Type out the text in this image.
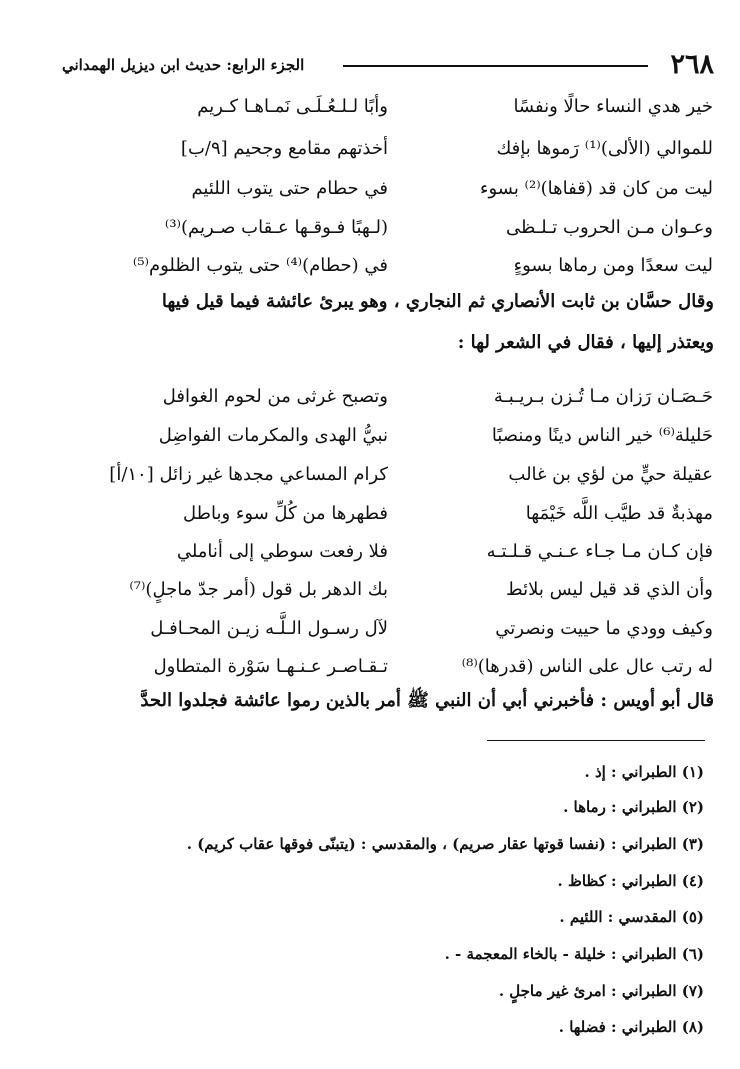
٢٦٨
الجزء الرابع: حديث ابن ديزيل الهمداني
خير هدي النساء حالًا ونفسًا
وأبًا لـلـعُـلَـى نَمـاهـا كـريم
للموالي (الألى)⁽¹⁾ رَموها بإفك
أخذتهم مقامع وجحيم [٩/ب]
ليت من كان قد (قفاها)⁽²⁾ بسوء
في حطام حتى يتوب اللئيم
وعـوان مـن الحروب تـلـظى
(لـهبًا فـوقـها عـقاب صـريم)⁽³⁾
ليت سعدًا ومن رماها بسوءٍ
في (حطام)⁽⁴⁾ حتى يتوب الظلوم⁽⁵⁾
وقال حسَّان بن ثابت الأنصاري ثم النجاري ، وهو يبرئ عائشة فيما قيل فيها
ويعتذر إليها ، فقال في الشعر لها :
حَـصَـان رَزان مـا تُـزن بـريـبـة
وتصبح غرثى من لحوم الغوافل
حَليلة⁽⁶⁾ خير الناس دينًا ومنصبًا
نبيُّ الهدى والمكرمات الفواضِل
عقيلة حيٍّ من لؤي بن غالب
كرام المساعي مجدها غير زائل [١٠/أ]
مهذبةٌ قد طيَّب اللَّه خَيْمَها
فطهرها من كُلِّ سوء وباطل
فإن كـان مـا جـاء عـنـي قـلـتـه
فلا رفعت سوطي إلى أناملي
وأن الذي قد قيل ليس بلائط
بك الدهر بل قول (أمر جدّ ماجلٍ)⁽⁷⁾
وكيف وودي ما حييت ونصرتي
لآل رسـول الـلَّـه زيـن المحـافـل
له رتب عال على الناس (قدرها)⁽⁸⁾
تـقـاصـر عـنـهـا سَوْرة المتطاول
قال أبو أويس : فأخبرني أبي أن النبي ﷺ أمر بالذين رموا عائشة فجلدوا الحدَّ
(١) الطبراني : إذ .
(٢) الطبراني : رماها .
(٣) الطبراني : (نفسا قوتها عقار صريم) ، والمقدسي : (يتبنّى فوقها عقاب كريم) .
(٤) الطبراني : كظاظ .
(٥) المقدسي : اللئيم .
(٦) الطبراني : خليلة - بالخاء المعجمة - .
(٧) الطبراني : امرئ غير ماجلٍ .
(٨) الطبراني : فضلها .
